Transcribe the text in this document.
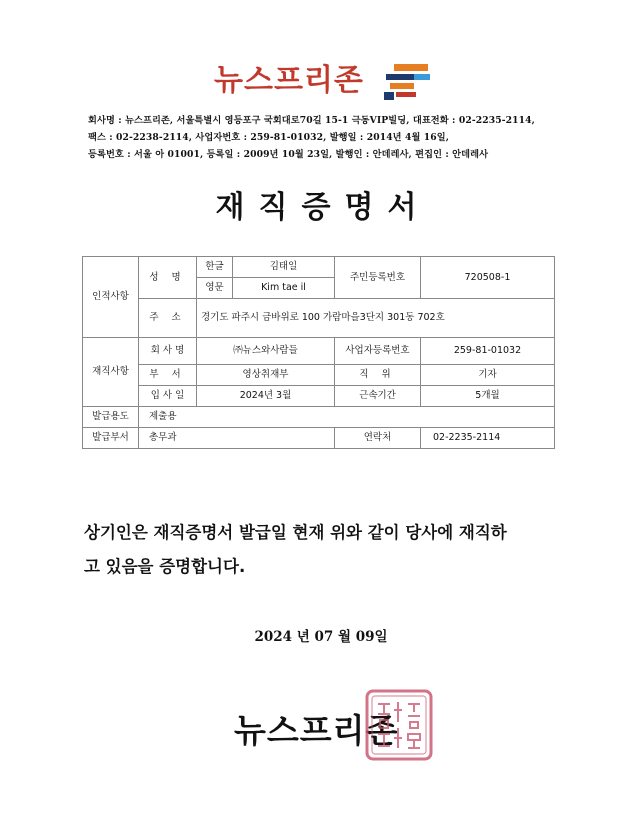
뉴스프리존
회사명 : 뉴스프리존, 서울특별시 영등포구 국회대로70길 15-1 극동VIP빌딩, 대표전화 : 02-2235-2114,
팩스 : 02-2238-2114, 사업자번호 : 259-81-01032, 발행일 : 2014년 4월 16일,
등록번호 : 서울 아 01001, 등록일 : 2009년 10월 23일, 발행인 : 안데레사, 편집인 : 안데레사
재직증명서
인적사항	성 명	한글	김태일	주민등록번호	720508-1
		영문	Kim tae il		
	주 소	경기도 파주시 금바위로 100 가람마을3단지 301동 702호			
재직사항	회 사 명	㈜뉴스와사람들		사업자등록번호	259-81-01032
	부 서	영상취재부		직 위	기자
	입 사 일	2024년 3월		근속기간	5개월
발급용도	제출용				
발급부서	총무과			연락처	02-2235-2114
상기인은 재직증명서 발급일 현재 위와 같이 당사에 재직하
고 있음을 증명합니다.
2024 년 07 월 09일
뉴스프리존
